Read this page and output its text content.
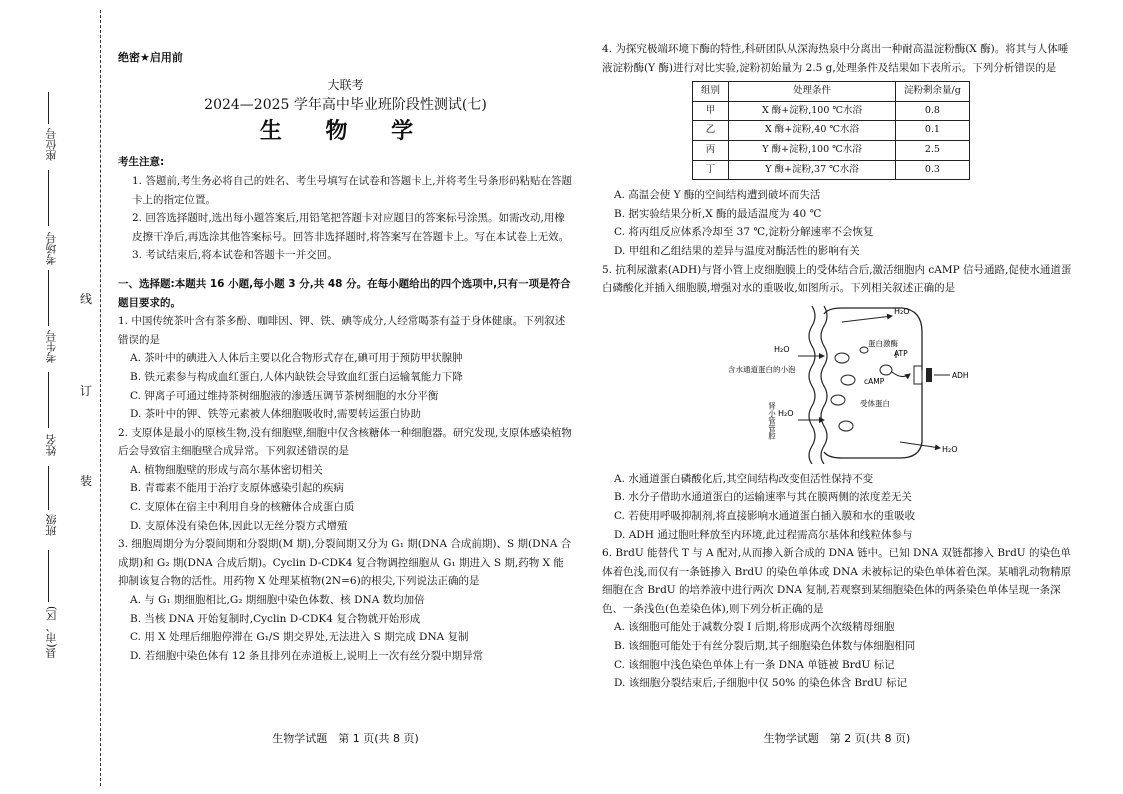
座位号
考场号
考生号
姓名
班级
县(市、区)
线
订
装
绝密★启用前
大联考
2024—2025 学年高中毕业班阶段性测试(七)
生 物 学
考生注意:
1. 答题前,考生务必将自己的姓名、考生号填写在试卷和答题卡上,并将考生号条形码粘贴在答题卡上的指定位置。
2. 回答选择题时,选出每小题答案后,用铅笔把答题卡对应题目的答案标号涂黑。如需改动,用橡皮擦干净后,再选涂其他答案标号。回答非选择题时,将答案写在答题卡上。写在本试卷上无效。
3. 考试结束后,将本试卷和答题卡一并交回。
一、选择题:本题共 16 小题,每小题 3 分,共 48 分。在每小题给出的四个选项中,只有一项是符合题目要求的。

1. 中国传统茶叶含有茶多酚、咖啡因、钾、铁、碘等成分,人经常喝茶有益于身体健康。下列叙述错误的是

A. 茶叶中的碘进入人体后主要以化合物形式存在,碘可用于预防甲状腺肿

B. 铁元素参与构成血红蛋白,人体内缺铁会导致血红蛋白运输氧能力下降

C. 钾离子可通过维持茶树细胞液的渗透压调节茶树细胞的水分平衡

D. 茶叶中的钾、铁等元素被人体细胞吸收时,需要转运蛋白协助

2. 支原体是最小的原核生物,没有细胞壁,细胞中仅含核糖体一种细胞器。研究发现,支原体感染植物后会导致宿主细胞壁合成异常。下列叙述错误的是

A. 植物细胞壁的形成与高尔基体密切相关

B. 青霉素不能用于治疗支原体感染引起的疾病

C. 支原体在宿主中利用自身的核糖体合成蛋白质

D. 支原体没有染色体,因此以无丝分裂方式增殖

3. 细胞周期分为分裂间期和分裂期(M 期),分裂间期又分为 G₁ 期(DNA 合成前期)、S 期(DNA 合成期)和 G₂ 期(DNA 合成后期)。Cyclin D-CDK4 复合物调控细胞从 G₁ 期进入 S 期,药物 X 能抑制该复合物的活性。用药物 X 处理某植物(2N=6)的根尖,下列说法正确的是

A. 与 G₁ 期细胞相比,G₂ 期细胞中染色体数、核 DNA 数均加倍

B. 当核 DNA 开始复制时,Cyclin D-CDK4 复合物就开始形成

C. 用 X 处理后细胞停滞在 G₁/S 期交界处,无法进入 S 期完成 DNA 复制

D. 若细胞中染色体有 12 条且排列在赤道板上,说明上一次有丝分裂中期异常

生物学试题　第 1 页(共 8 页)

4. 为探究极端环境下酶的特性,科研团队从深海热泉中分离出一种耐高温淀粉酶(X 酶)。将其与人体唾液淀粉酶(Y 酶)进行对比实验,淀粉初始量为 2.5 g,处理条件及结果如下表所示。下列分析错误的是

组别	处理条件	淀粉剩余量/g
甲	X 酶+淀粉,100 ℃水浴	0.8
乙	X 酶+淀粉,40 ℃水浴	0.1
丙	Y 酶+淀粉,100 ℃水浴	2.5
丁	Y 酶+淀粉,37 ℃水浴	0.3

A. 高温会使 Y 酶的空间结构遭到破坏而失活

B. 据实验结果分析,X 酶的最适温度为 40 ℃

C. 将丙组反应体系冷却至 37 ℃,淀粉分解速率不会恢复

D. 甲组和乙组结果的差异与温度对酶活性的影响有关

5. 抗利尿激素(ADH)与肾小管上皮细胞膜上的受体结合后,激活细胞内 cAMP 信号通路,促使水通道蛋白磷酸化并插入细胞膜,增强对水的重吸收,如图所示。下列相关叙述正确的是

H₂O
H₂O
H₂O
H₂O
蛋白激酶
ATP
cAMP
ADH
含水通道蛋白的小泡
受体蛋白
肾小管管腔

A. 水通道蛋白磷酸化后,其空间结构改变但活性保持不变

B. 水分子借助水通道蛋白的运输速率与其在膜两侧的浓度差无关

C. 若使用呼吸抑制剂,将直接影响水通道蛋白插入膜和水的重吸收

D. ADH 通过胞吐释放至内环境,此过程需高尔基体和线粒体参与

6. BrdU 能替代 T 与 A 配对,从而掺入新合成的 DNA 链中。已知 DNA 双链都掺入 BrdU 的染色单体着色浅,而仅有一条链掺入 BrdU 的染色单体或 DNA 未被标记的染色单体着色深。某哺乳动物精原细胞在含 BrdU 的培养液中进行两次 DNA 复制,若观察到某细胞染色体的两条染色单体呈现一条深色、一条浅色(色差染色体),则下列分析正确的是

A. 该细胞可能处于减数分裂 I 后期,将形成两个次级精母细胞

B. 该细胞可能处于有丝分裂后期,其子细胞染色体数与体细胞相同

C. 该细胞中浅色染色单体上有一条 DNA 单链被 BrdU 标记

D. 该细胞分裂结束后,子细胞中仅 50% 的染色体含 BrdU 标记

生物学试题　第 2 页(共 8 页)
